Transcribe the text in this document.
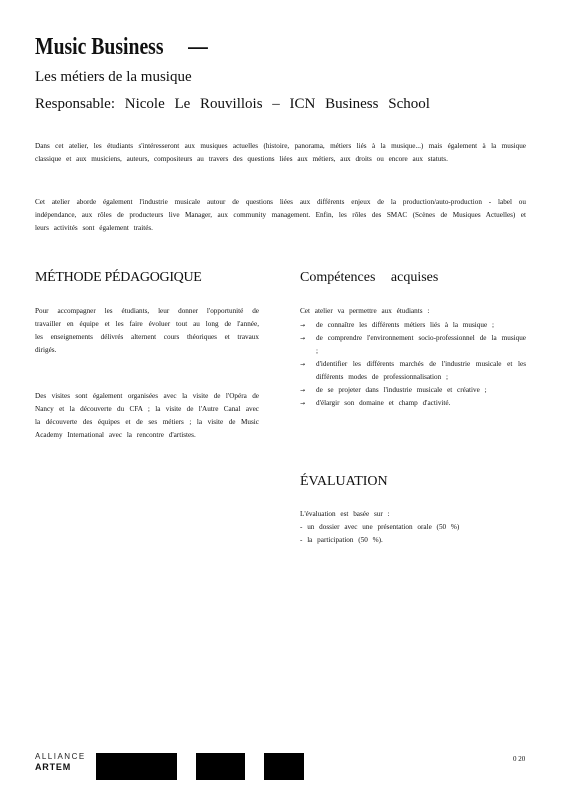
Music Business —
Les métiers de la musique
Responsable: Nicole Le Rouvillois – ICN Business School
Dans cet atelier, les étudiants s'intéresseront aux musiques actuelles (histoire, panorama, métiers liés à la musique...) mais également à la musique classique et aux musiciens, auteurs, compositeurs au travers des questions liées aux métiers, aux droits ou encore aux statuts.
Cet atelier aborde également l'industrie musicale autour de questions liées aux différents enjeux de la production/auto-production - label ou indépendance, aux rôles de producteurs live Manager, aux community management. Enfin, les rôles des SMAC (Scènes de Musiques Actuelles) et leurs activités sont également traités.
MÉTHODE PÉDAGOGIQUE
Pour accompagner les étudiants, leur donner l'opportunité de travailler en équipe et les faire évoluer tout au long de l'année, les enseignements délivrés alternent cours théoriques et travaux dirigés.
Des visites sont également organisées avec la visite de l'Opéra de Nancy et la découverte du CFA ; la visite de l'Autre Canal avec la découverte des équipes et de ses métiers ; la visite de Music Academy International avec la rencontre d'artistes.
Compétences acquises
Cet atelier va permettre aux étudiants :
→ de connaître les différents métiers liés à la musique ;
→ de comprendre l'environnement socio-professionnel de la musique ;
→ d'identifier les différents marchés de l'industrie musicale et les différents modes de professionnalisation ;
→ de se projeter dans l'industrie musicale et créative ;
→ d'élargir son domaine et champ d'activité.
ÉVALUATION
L'évaluation est basée sur :
- un dossier avec une présentation orale (50 %)
- la participation (50 %).
ALLIANCE
ARTEM
0 20
